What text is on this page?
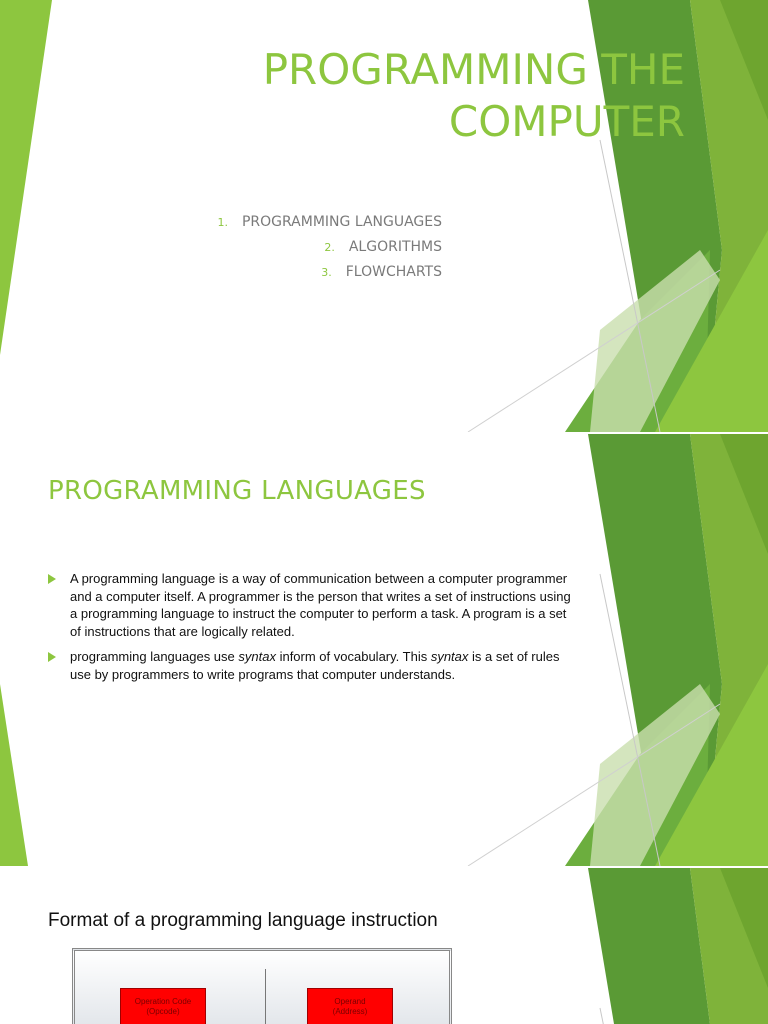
PROGRAMMING THE
COMPUTER
1. PROGRAMMING LANGUAGES
2. ALGORITHMS
3. FLOWCHARTS
PROGRAMMING LANGUAGES
A programming language is a way of communication between a computer programmer and a computer itself. A programmer is the person that writes a set of instructions using a programming language to instruct the computer to perform a task. A program is a set of instructions that are logically related.
programming languages use syntax inform of vocabulary. This syntax is a set of rules use by programmers to write programs that computer understands.
Format of a programming language instruction
Operation Code
(Opcode)
Operand
(Address)
